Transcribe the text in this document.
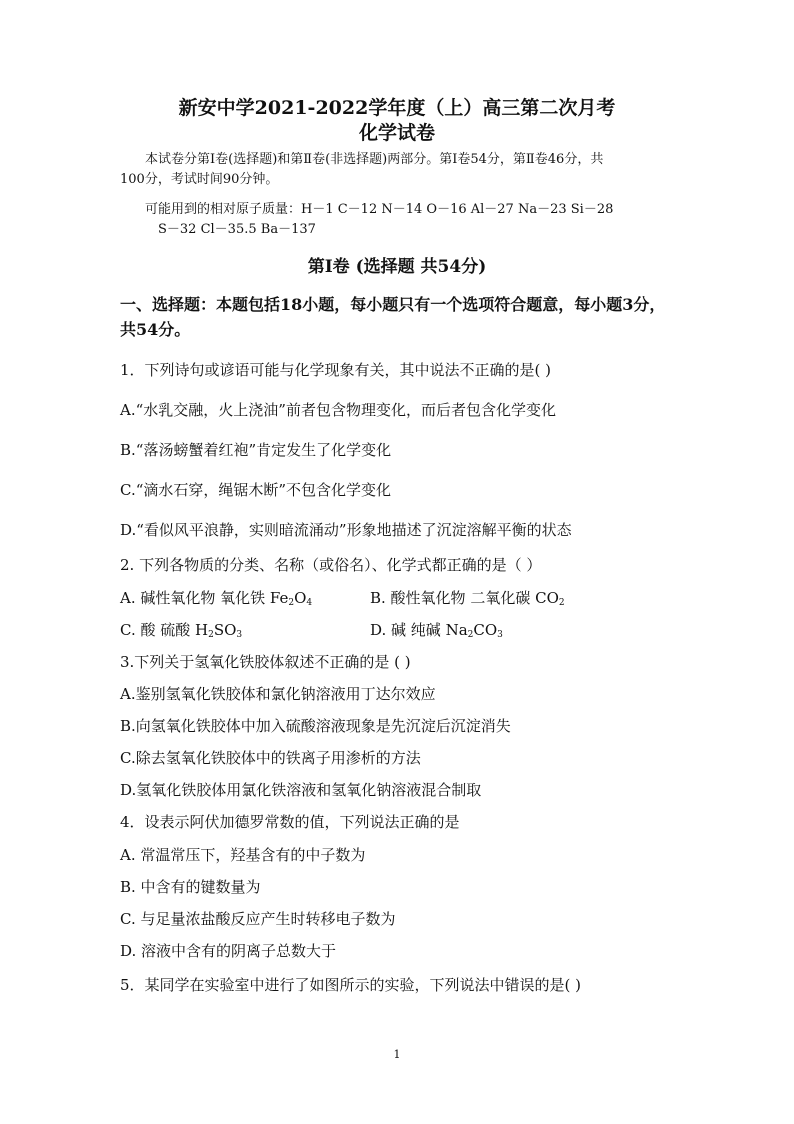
新安中学2021-2022学年度（上）高三第二次月考
化学试卷
本试卷分第Ⅰ卷(选择题)和第Ⅱ卷(非选择题)两部分。第Ⅰ卷54分，第Ⅱ卷46分，共
100分，考试时间90分钟。
可能用到的相对原子质量：H－1 C－12 N－14 O－16 Al－27 Na－23 Si－28
S－32 Cl－35.5 Ba－137
第Ⅰ卷 (选择题 共54分)
一、选择题：本题包括18小题，每小题只有一个选项符合题意，每小题3分，
共54分。
1．下列诗句或谚语可能与化学现象有关，其中说法不正确的是( )
A.“水乳交融，火上浇油”前者包含物理变化，而后者包含化学变化
B.“落汤螃蟹着红袍”肯定发生了化学变化
C.“滴水石穿，绳锯木断”不包含化学变化
D.“看似风平浪静，实则暗流涌动”形象地描述了沉淀溶解平衡的状态
2. 下列各物质的分类、名称（或俗名）、化学式都正确的是（ ）
A. 碱性氧化物 氧化铁 $Fe_2O_4$	B. 酸性氧化物 二氧化碳 $CO_2$
C. 酸 硫酸 $H_2SO_3$	D. 碱 纯碱 $Na_2CO_3$
3.下列关于氢氧化铁胶体叙述不正确的是 ( )
A.鉴别氢氧化铁胶体和氯化钠溶液用丁达尔效应
B.向氢氧化铁胶体中加入硫酸溶液现象是先沉淀后沉淀消失
C.除去氢氧化铁胶体中的铁离子用渗析的方法
D.氢氧化铁胶体用氯化铁溶液和氢氧化钠溶液混合制取
4．设表示阿伏加德罗常数的值，下列说法正确的是
A. 常温常压下，羟基含有的中子数为
B. 中含有的键数量为
C. 与足量浓盐酸反应产生时转移电子数为
D. 溶液中含有的阴离子总数大于
5．某同学在实验室中进行了如图所示的实验，下列说法中错误的是( )
1
